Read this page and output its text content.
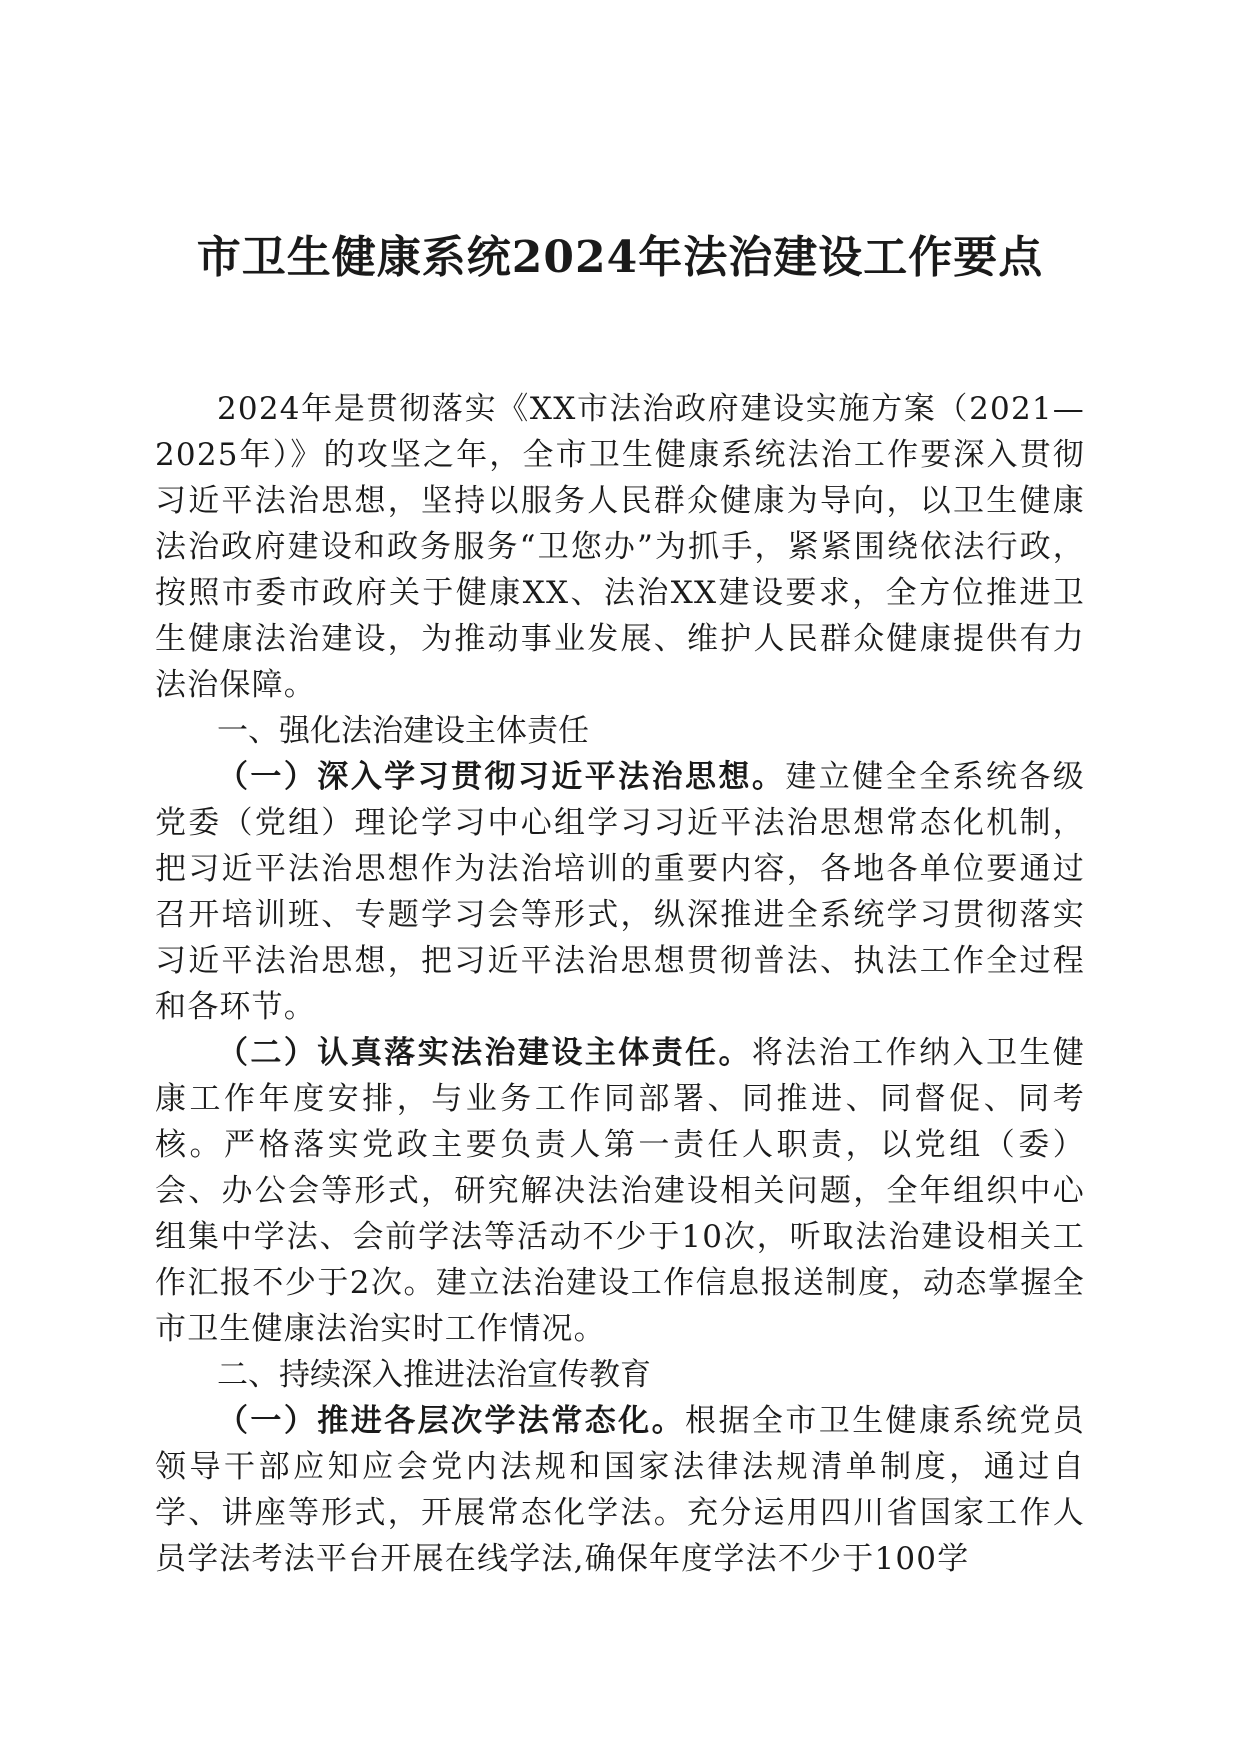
市卫生健康系统2024年法治建设工作要点

2024年是贯彻落实《XX市法治政府建设实施方案（2021—2025年）》的攻坚之年，全市卫生健康系统法治工作要深入贯彻习近平法治思想，坚持以服务人民群众健康为导向，以卫生健康法治政府建设和政务服务“卫您办”为抓手，紧紧围绕依法行政，按照市委市政府关于健康XX、法治XX建设要求，全方位推进卫生健康法治建设，为推动事业发展、维护人民群众健康提供有力法治保障。

一、强化法治建设主体责任

（一）深入学习贯彻习近平法治思想。建立健全全系统各级党委（党组）理论学习中心组学习习近平法治思想常态化机制，把习近平法治思想作为法治培训的重要内容，各地各单位要通过召开培训班、专题学习会等形式，纵深推进全系统学习贯彻落实习近平法治思想，把习近平法治思想贯彻普法、执法工作全过程和各环节。

（二）认真落实法治建设主体责任。将法治工作纳入卫生健康工作年度安排，与业务工作同部署、同推进、同督促、同考核。严格落实党政主要负责人第一责任人职责，以党组（委）会、办公会等形式，研究解决法治建设相关问题，全年组织中心组集中学法、会前学法等活动不少于10次，听取法治建设相关工作汇报不少于2次。建立法治建设工作信息报送制度，动态掌握全市卫生健康法治实时工作情况。

二、持续深入推进法治宣传教育

（一）推进各层次学法常态化。根据全市卫生健康系统党员领导干部应知应会党内法规和国家法律法规清单制度，通过自学、讲座等形式，开展常态化学法。充分运用四川省国家工作人员学法考法平台开展在线学法,确保年度学法不少于100学
